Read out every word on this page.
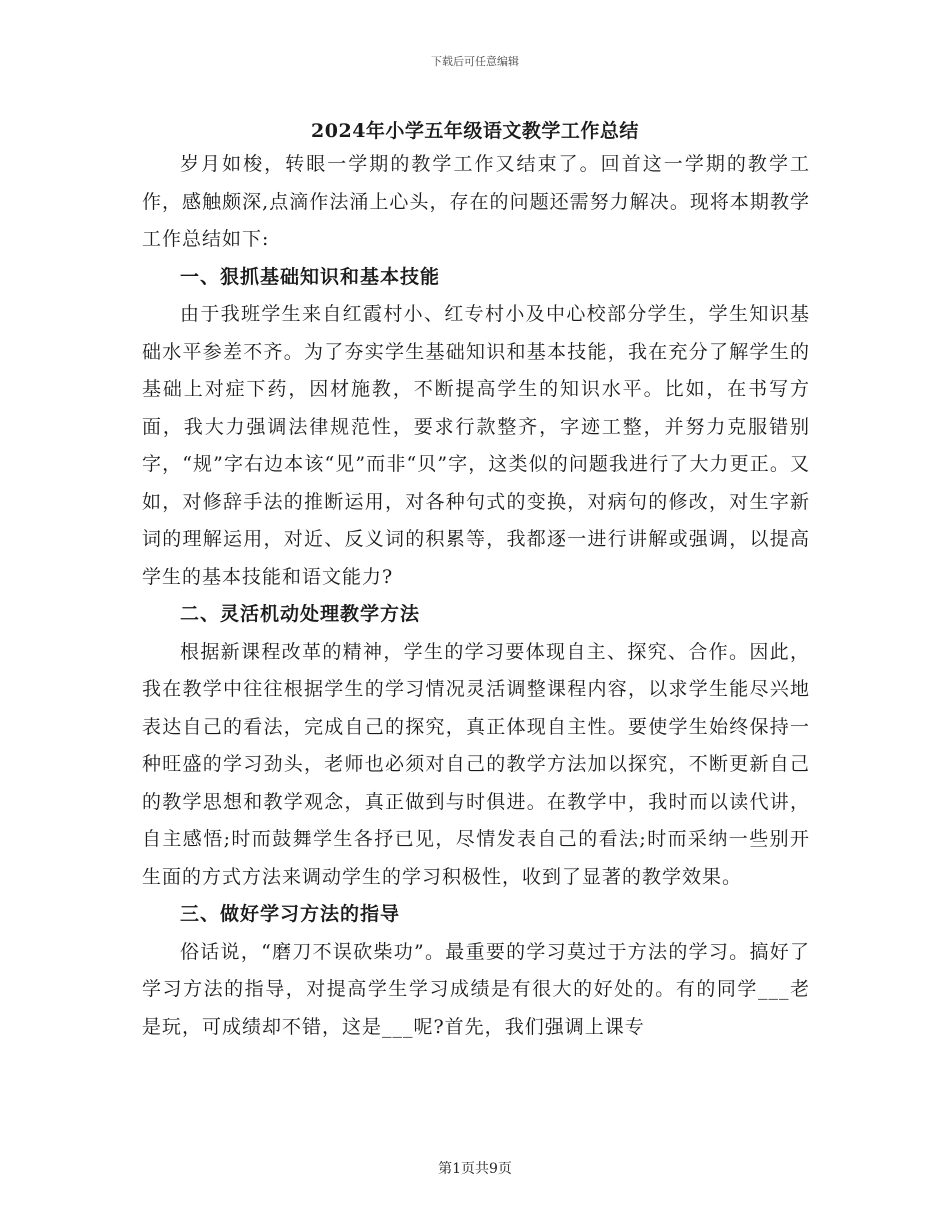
下载后可任意编辑
2024年小学五年级语文教学工作总结

岁月如梭，转眼一学期的教学工作又结束了。回首这一学期的教学工作，感触颇深,点滴作法涌上心头，存在的问题还需努力解决。现将本期教学工作总结如下:

一、狠抓基础知识和基本技能

由于我班学生来自红霞村小、红专村小及中心校部分学生，学生知识基础水平参差不齐。为了夯实学生基础知识和基本技能，我在充分了解学生的基础上对症下药，因材施教，不断提高学生的知识水平。比如，在书写方面，我大力强调法律规范性，要求行款整齐，字迹工整，并努力克服错别字，“规”字右边本该“见”而非“贝”字，这类似的问题我进行了大力更正。又如，对修辞手法的推断运用，对各种句式的变换，对病句的修改，对生字新词的理解运用，对近、反义词的积累等，我都逐一进行讲解或强调，以提高学生的基本技能和语文能力?

二、灵活机动处理教学方法

根据新课程改革的精神，学生的学习要体现自主、探究、合作。因此，我在教学中往往根据学生的学习情况灵活调整课程内容，以求学生能尽兴地表达自己的看法，完成自己的探究，真正体现自主性。要使学生始终保持一种旺盛的学习劲头，老师也必须对自己的教学方法加以探究，不断更新自己的教学思想和教学观念，真正做到与时俱进。在教学中，我时而以读代讲，自主感悟;时而鼓舞学生各抒已见，尽情发表自己的看法;时而采纳一些别开生面的方式方法来调动学生的学习积极性，收到了显著的教学效果。

三、做好学习方法的指导

俗话说，“磨刀不误砍柴功”。最重要的学习莫过于方法的学习。搞好了学习方法的指导，对提高学生学习成绩是有很大的好处的。有的同学___老是玩，可成绩却不错，这是___呢?首先，我们强调上课专

第1页共9页
